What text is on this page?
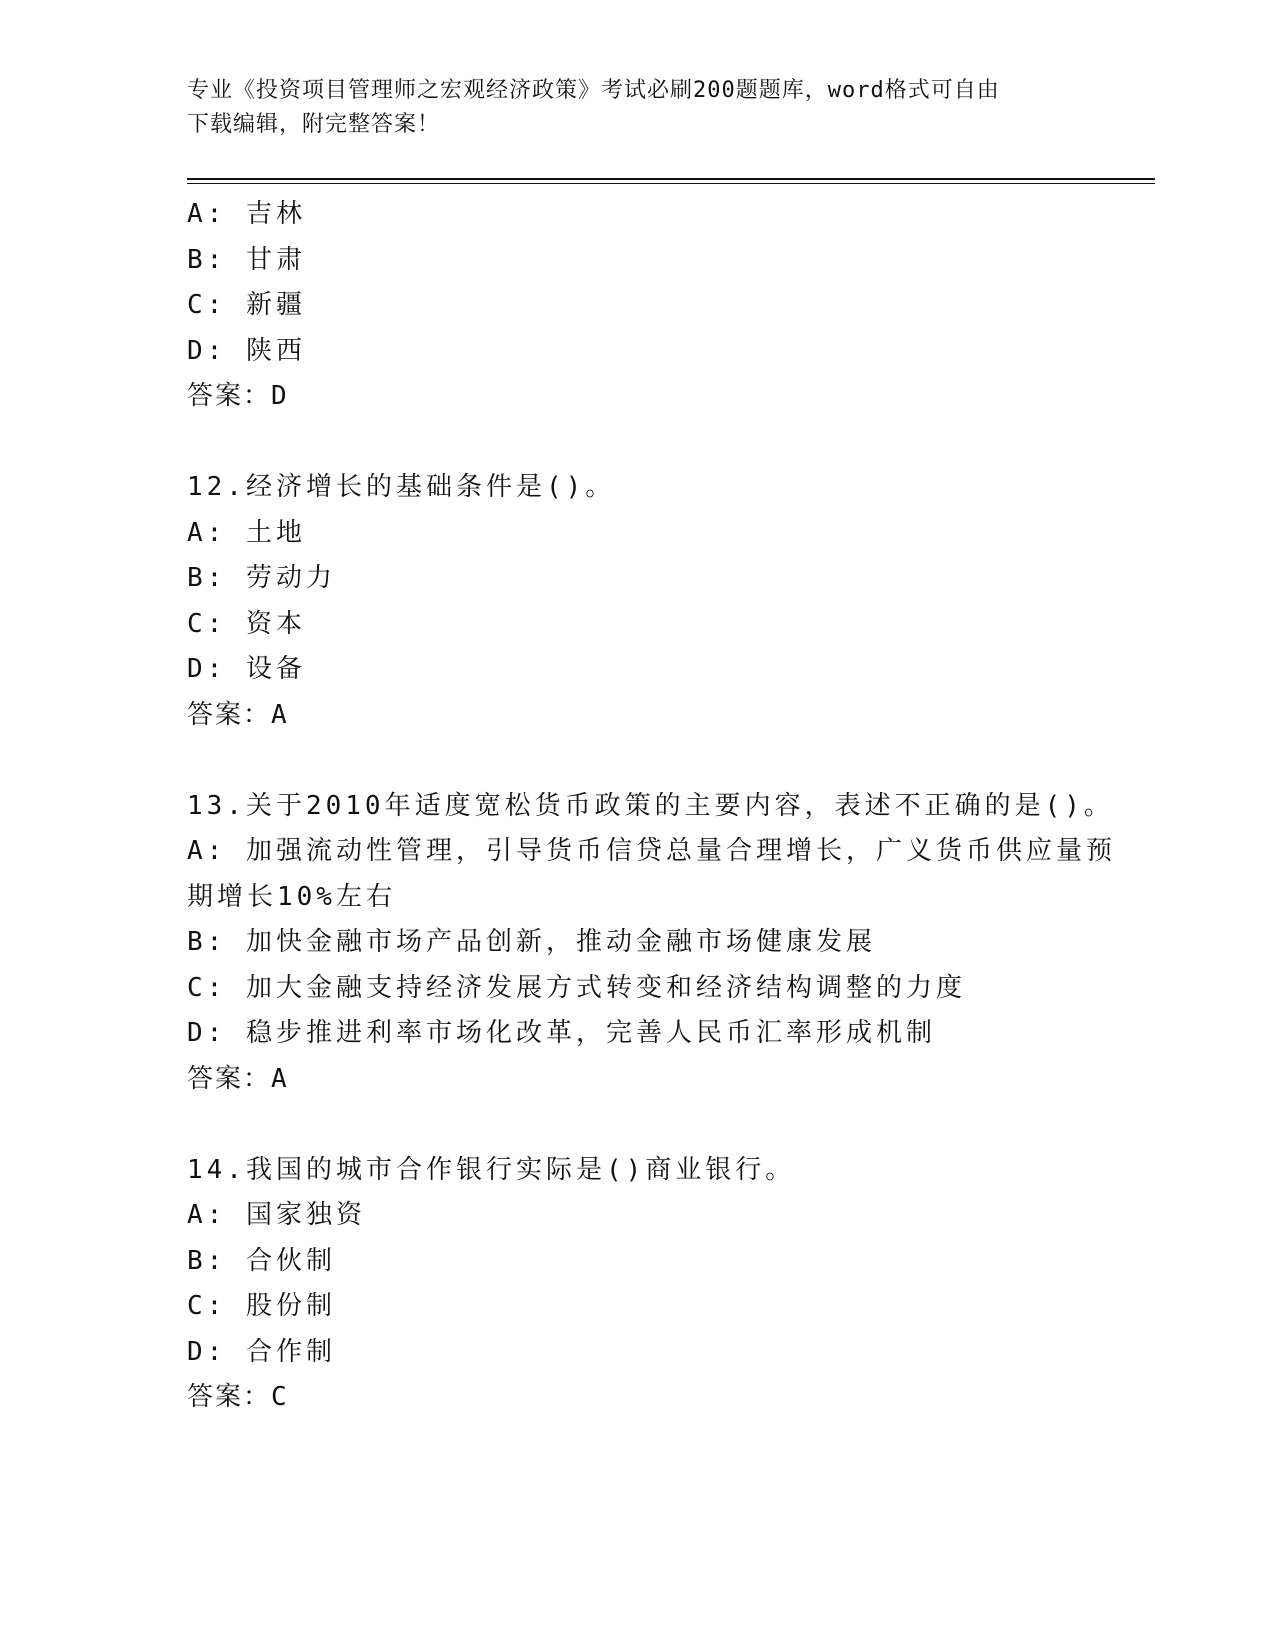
专业《投资项目管理师之宏观经济政策》考试必刷200题题库，word格式可自由
下载编辑，附完整答案！
A: 吉林
B: 甘肃
C: 新疆
D: 陕西
答案：D
12.经济增长的基础条件是()。
A: 土地
B: 劳动力
C: 资本
D: 设备
答案：A
13.关于2010年适度宽松货币政策的主要内容，表述不正确的是()。
A: 加强流动性管理，引导货币信贷总量合理增长，广义货币供应量预
期增长10%左右
B: 加快金融市场产品创新，推动金融市场健康发展
C: 加大金融支持经济发展方式转变和经济结构调整的力度
D: 稳步推进利率市场化改革，完善人民币汇率形成机制
答案：A
14.我国的城市合作银行实际是()商业银行。
A: 国家独资
B: 合伙制
C: 股份制
D: 合作制
答案：C
